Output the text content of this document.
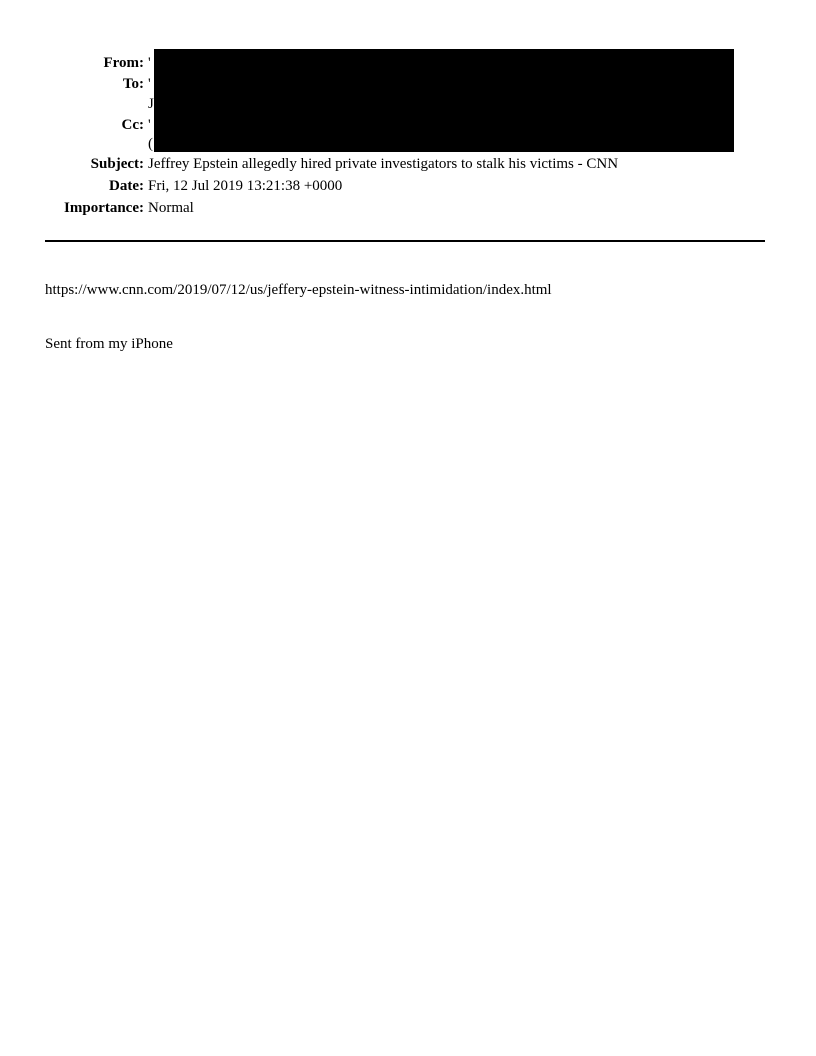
From: '
To: '
J
Cc: '
(
Subject: Jeffrey Epstein allegedly hired private investigators to stalk his victims - CNN
Date: Fri, 12 Jul 2019 13:21:38 +0000
Importance: Normal
https://www.cnn.com/2019/07/12/us/jeffery-epstein-witness-intimidation/index.html
Sent from my iPhone
